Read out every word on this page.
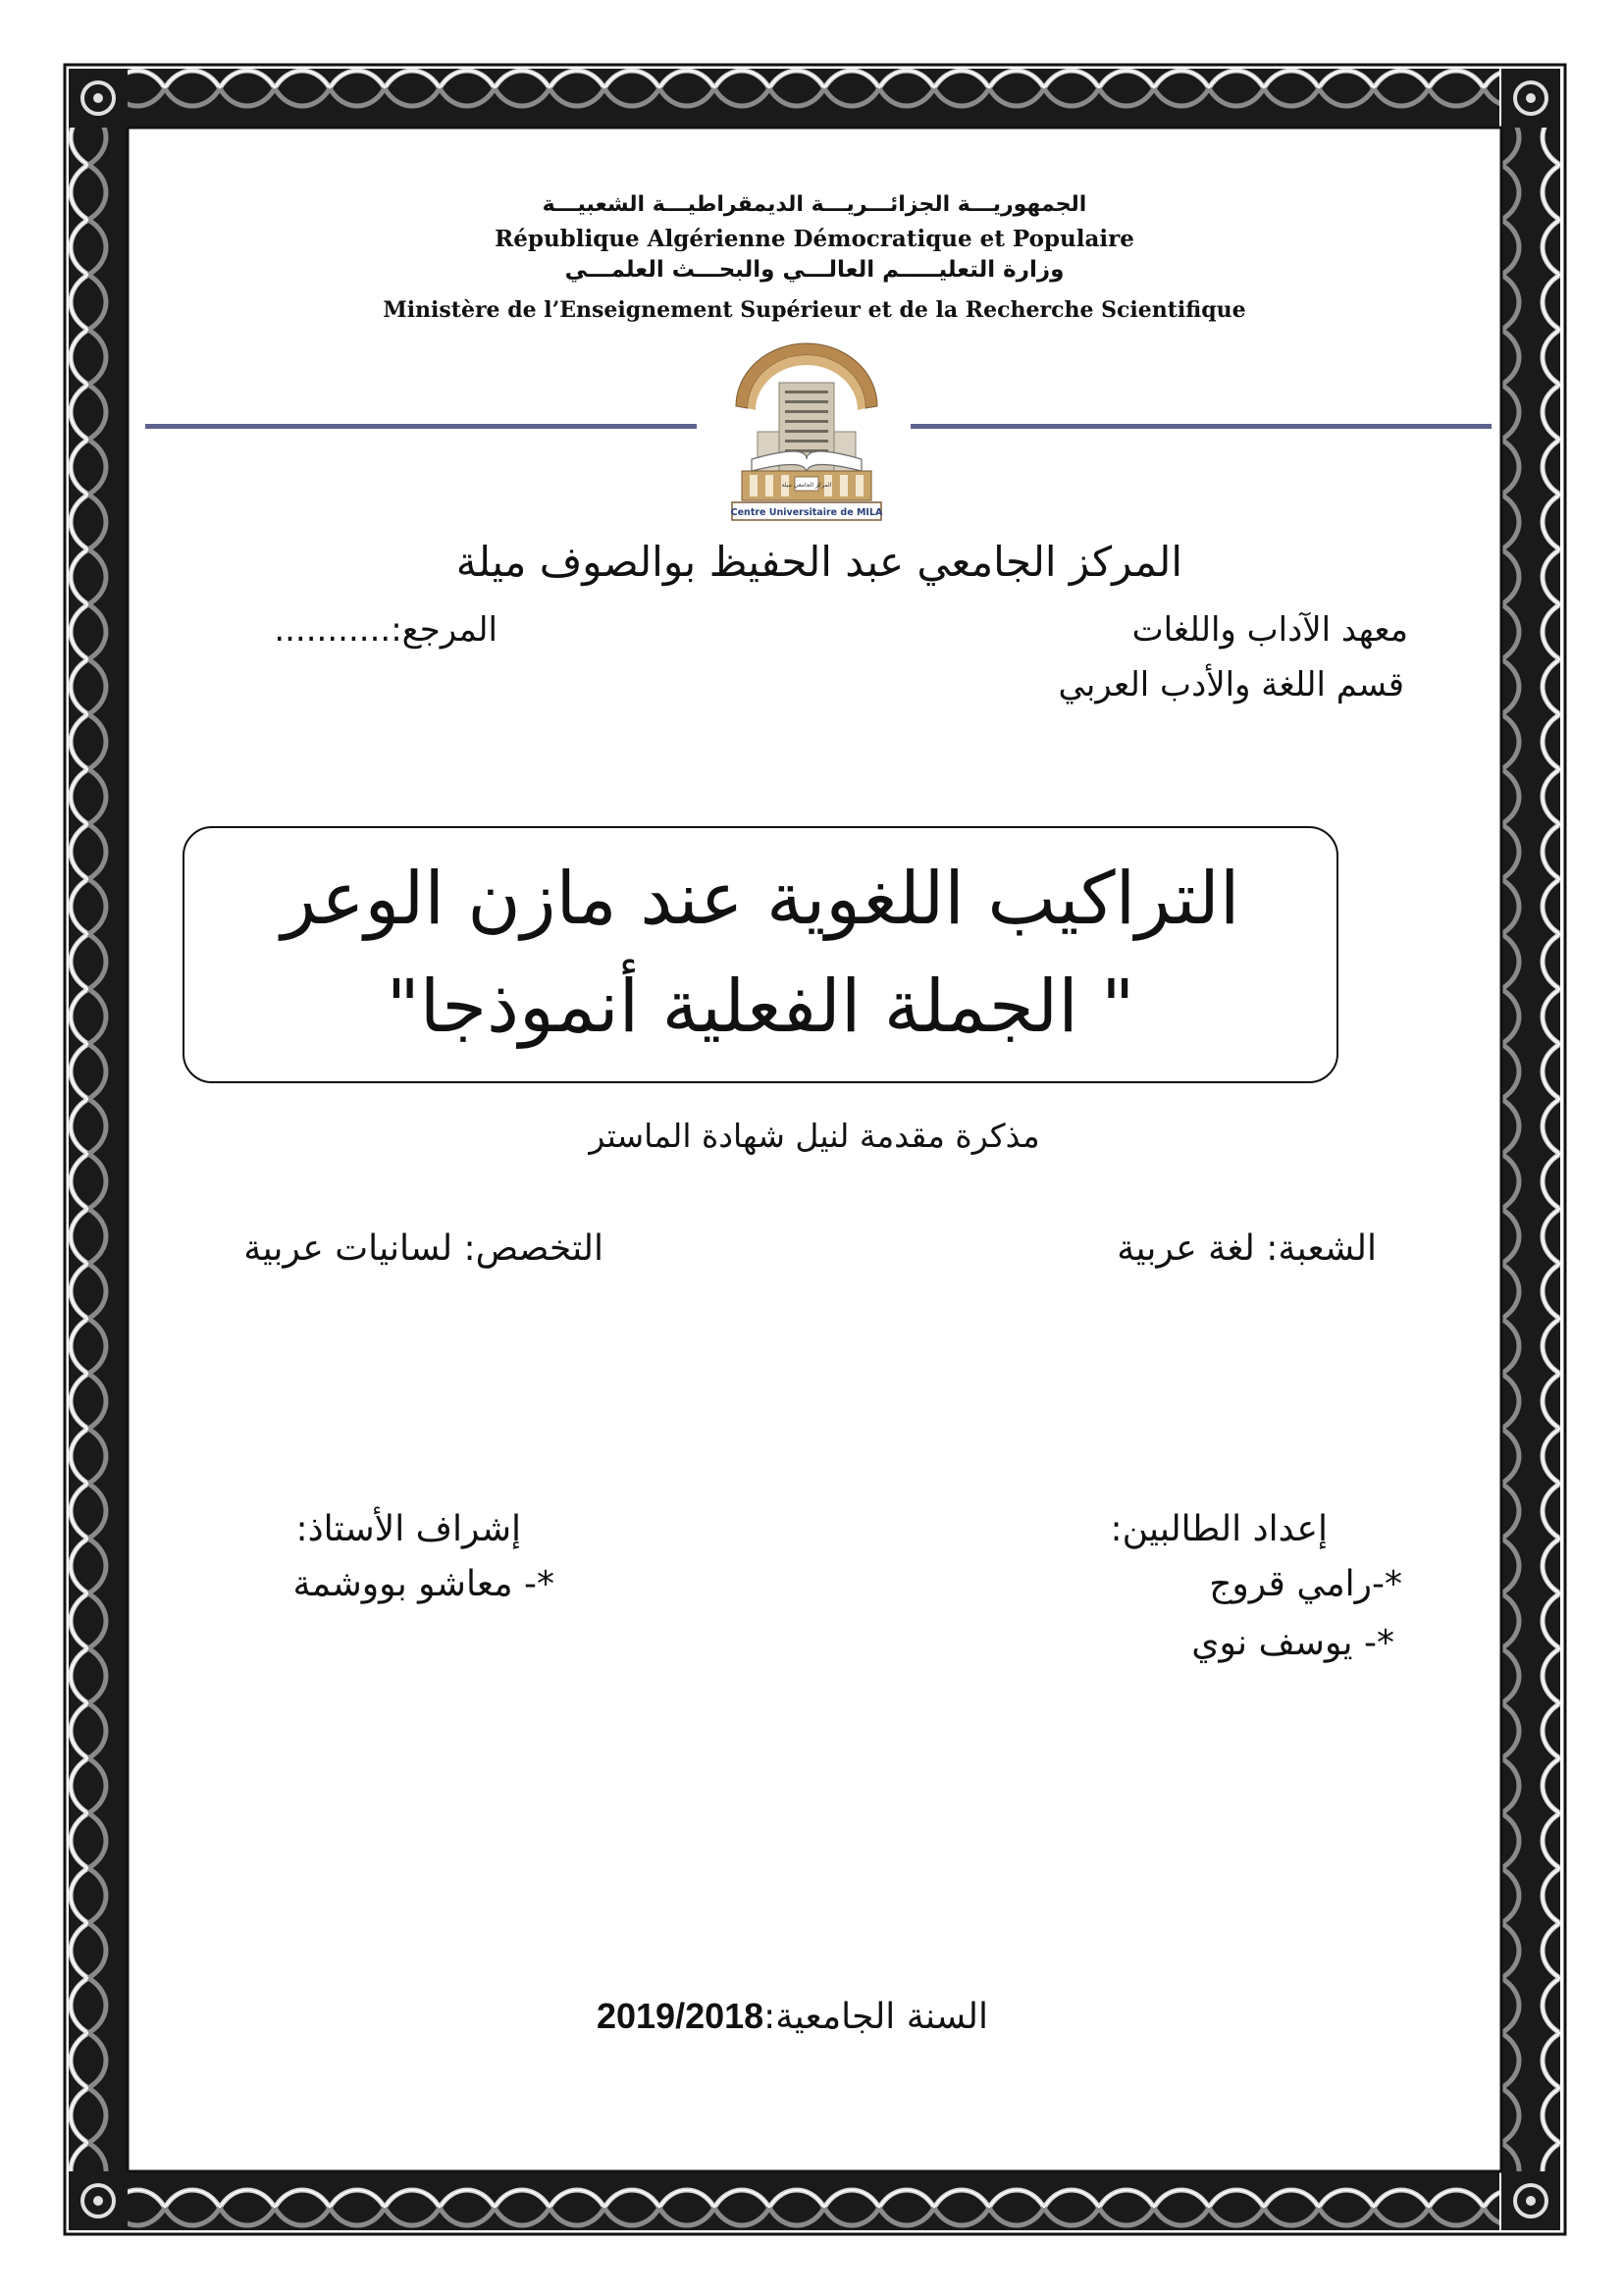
الجمهوريـــة الجزائـــريـــة الديمقراطيـــة الشعبيـــة
République Algérienne Démocratique et Populaire
وزارة التعليـــــم العالـــي والبحـــث العلمـــي
Ministère de l’Enseignement Supérieur et de la Recherche Scientifique
المركز الجامعي ميلة
Centre Universitaire de MILA
المركز الجامعي عبد الحفيظ بوالصوف ميلة
معهد الآداب واللغات
المرجع:...........
قسم اللغة والأدب العربي
التراكيب اللغوية عند مازن الوعر
" الجملة الفعلية أنموذجا"
مذكرة مقدمة لنيل شهادة الماستر
الشعبة: لغة عربية
التخصص: لسانيات عربية
إعداد الطالبين:
*-رامي قروج
*- يوسف نوي
إشراف الأستاذ:
*- معاشو بووشمة
السنة الجامعية:2019/2018
